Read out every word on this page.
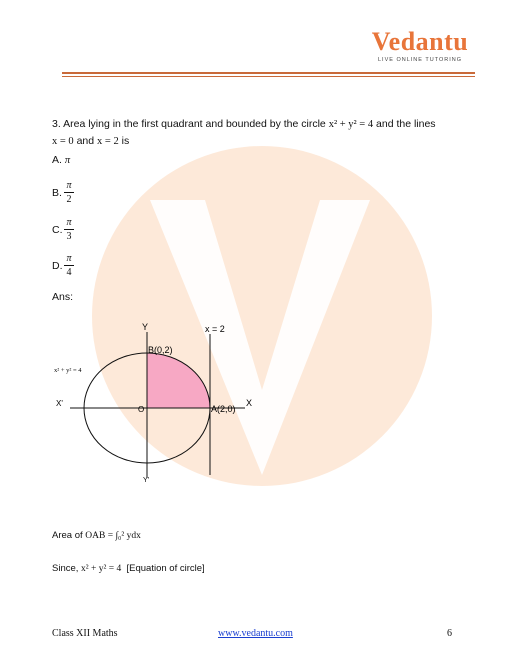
Vedantu
LIVE ONLINE TUTORING
3. Area lying in the first quadrant and bounded by the circle x² + y² = 4 and the lines
x = 0 and x = 2 is
A. π
B.
π
2
C.
π
3
D.
π
4
Ans:
Y
Y'
X
X'
O
B(0,2)
A(2,0)
x = 2
x² + y² = 4
Area of OAB = ∫₀² ydx
Since, x² + y² = 4 [Equation of circle]
Class XII Maths	www.vedantu.com	6
